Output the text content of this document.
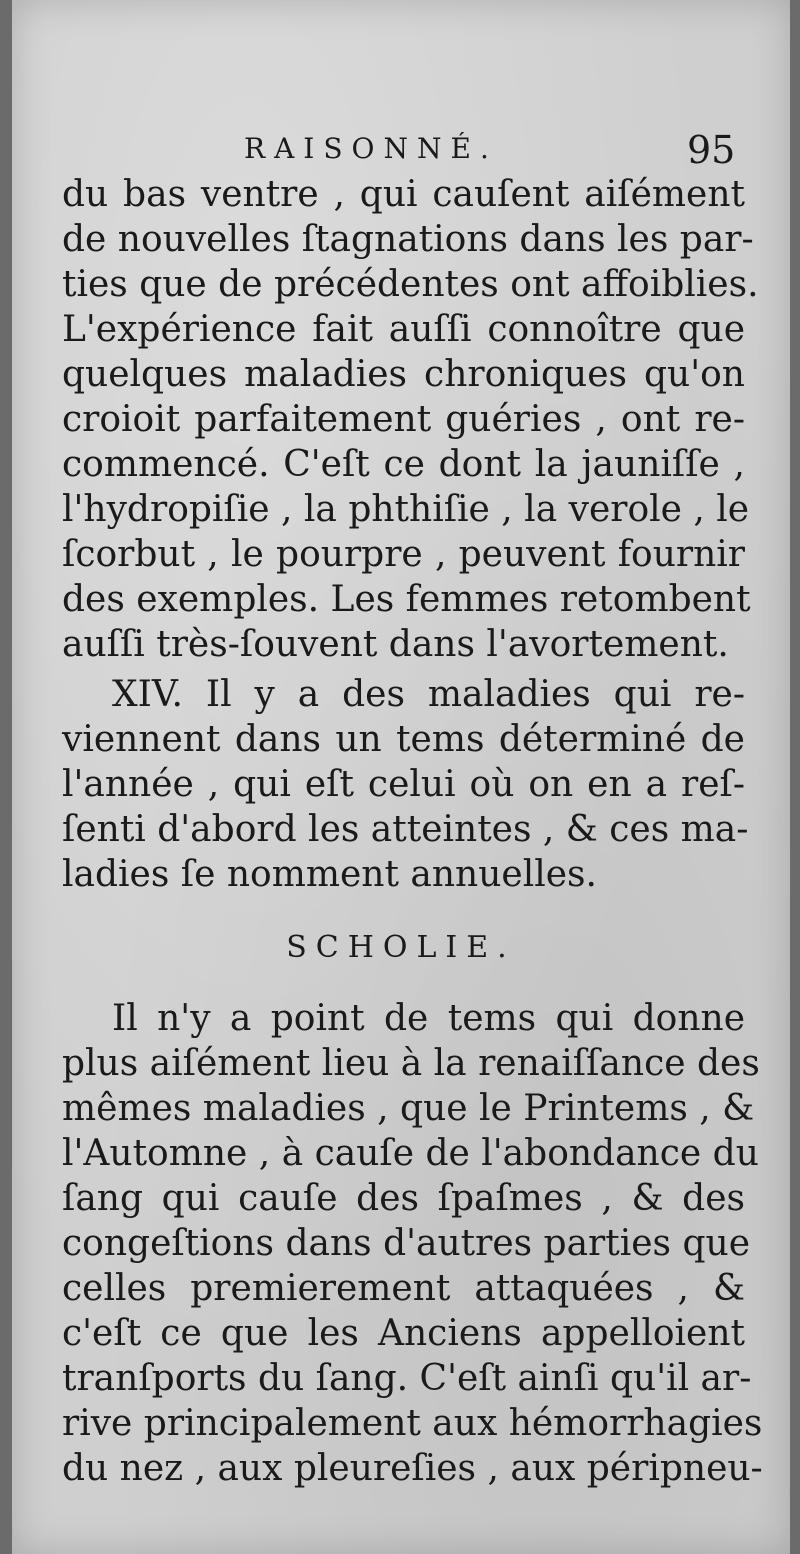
RAISONNÉ.	95
du bas ventre , qui cauſent aiſément
de nouvelles ſtagnations dans les par-
ties que de précédentes ont affoiblies.
L'expérience fait auſſi connoître que
quelques maladies chroniques qu'on
croioit parfaitement guéries , ont re-
commencé. C'eſt ce dont la jauniſſe ,
l'hydropiſie , la phthiſie , la verole , le
ſcorbut , le pourpre , peuvent fournir
des exemples. Les femmes retombent
auſſi très-ſouvent dans l'avortement.
XIV. Il y a des maladies qui re-
viennent dans un tems déterminé de
l'année , qui eſt celui où on en a reſ-
ſenti d'abord les atteintes , & ces ma-
ladies ſe nomment annuelles.
SCHOLIE.
Il n'y a point de tems qui donne
plus aiſément lieu à la renaiſſance des
mêmes maladies , que le Printems , &
l'Automne , à cauſe de l'abondance du
ſang qui cauſe des ſpaſmes , & des
congeſtions dans d'autres parties que
celles premierement attaquées , &
c'eſt ce que les Anciens appelloient
tranſports du ſang. C'eſt ainſi qu'il ar-
rive principalement aux hémorrhagies
du nez , aux pleureſies , aux péripneu-
